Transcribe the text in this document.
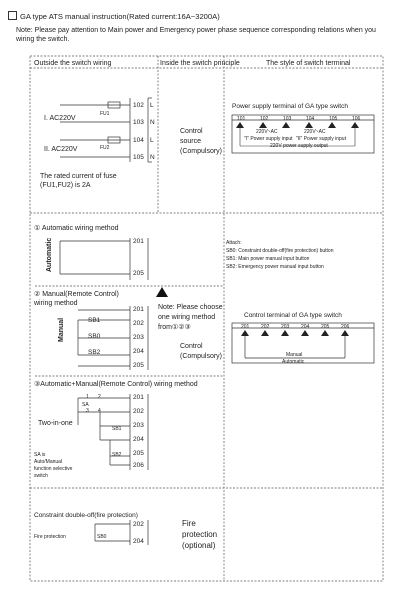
GA type ATS manual instruction(Rated current:16A~3200A)
Note: Please pay attention to Main power and Emergency power phase sequence corresponding relations when you wiring the switch.
Outside the switch wiring	Inside the switch principle	The style of switch terminal
I. AC220V
II. AC220V
FU1
FU2
The rated current of fuse (FU1,FU2) is 2A
102 L
103 N
104 L
105 N
Control source (Compulsory)
Power supply terminal of GA type switch
101	102	103	104	105	106
220V~AC	220V~AC
"I" Power supply input "II" Power supply input
220V power supply output
① Automatic wiring method
Automatic	201
205
② Manual(Remote Control) wiring method
Manual	SB1
SB0
SB2
201
202
203
204
205
Note: Please choose one wiring method from①②③
Control (Compulsory)
Attach:
SB0: Constraint double-off(fire protection) button
SB1: Main power manual input button
SB2: Emergency power manual input button
Control terminal of GA type switch
201 202 203 204 205 206
Manual
Automatic
③Automatic+Manual(Remote Control) wiring method
Two-in-one
SA
1 2
3 4
SB1
SB2
SA is Auto/Manual function selective switch
201
202
203
204
205
206
Constraint double-off(fire protection)
Fire protection	SB0
202
204
Fire protection (optional)
